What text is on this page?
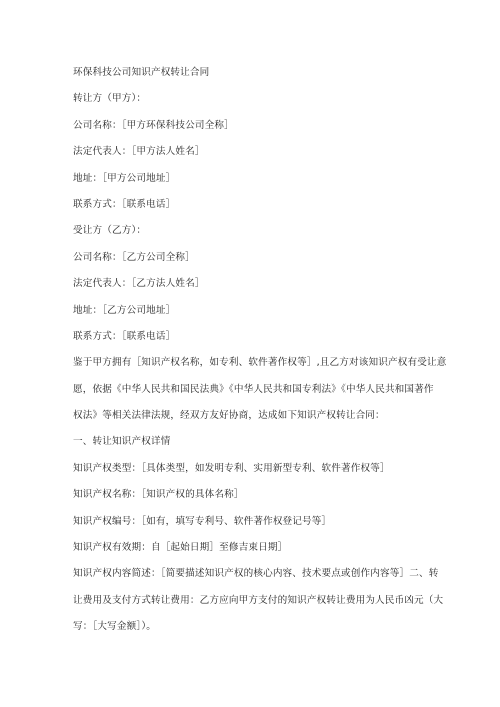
环保科技公司知识产权转让合同
转让方（甲方）：
公司名称：［甲方环保科技公司全称］
法定代表人：［甲方法人姓名］
地址：［甲方公司地址］
联系方式：［联系电话］
受让方（乙方）：
公司名称：［乙方公司全称］
法定代表人：［乙方法人姓名］
地址：［乙方公司地址］
联系方式：［联系电话］
鉴于甲方拥有［知识产权名称，如专利、软件著作权等］,且乙方对该知识产权有受让意
愿，依据《中华人民共和国民法典》《中华人民共和国专利法》《中华人民共和国著作
权法》等相关法律法规，经双方友好协商，达成如下知识产权转让合同：
一、转让知识产权详情
知识产权类型：［具体类型，如发明专利、实用新型专利、软件著作权等］
知识产权名称：［知识产权的具体名称］
知识产权编号：［如有，填写专利号、软件著作权登记号等］
知识产权有效期：自［起始日期］至修吉束日期］
知识产权内容简述：［简要描述知识产权的核心内容、技术要点或创作内容等］二、转
让费用及支付方式转让费用：乙方应向甲方支付的知识产权转让费用为人民币凶元（大
写：［大写金额］）。
